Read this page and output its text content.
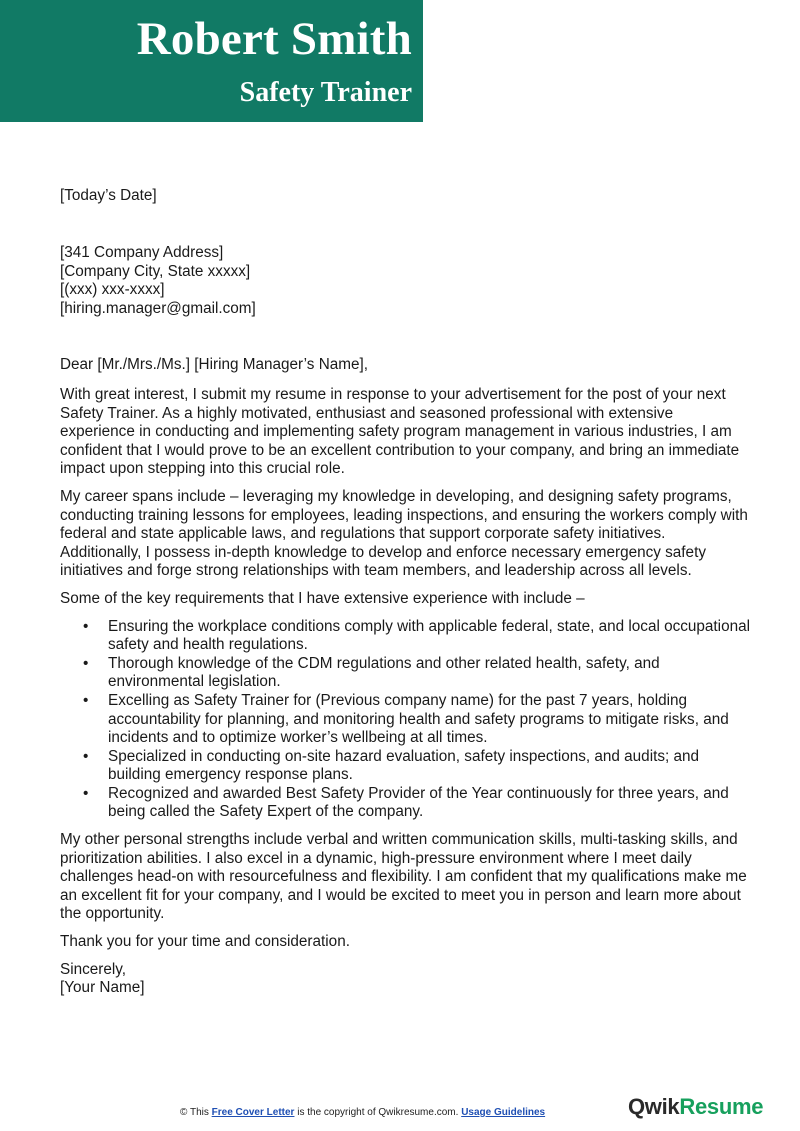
Robert Smith
Safety Trainer
[Today’s Date]
[341 Company Address]
[Company City, State xxxxx]
[(xxx) xxx-xxxx]
[hiring.manager@gmail.com]
Dear [Mr./Mrs./Ms.] [Hiring Manager’s Name],

With great interest, I submit my resume in response to your advertisement for the post of your next Safety Trainer. As a highly motivated, enthusiast and seasoned professional with extensive experience in conducting and implementing safety program management in various industries, I am confident that I would prove to be an excellent contribution to your company, and bring an immediate impact upon stepping into this crucial role.

My career spans include – leveraging my knowledge in developing, and designing safety programs, conducting training lessons for employees, leading inspections, and ensuring the workers comply with federal and state applicable laws, and regulations that support corporate safety initiatives. Additionally, I possess in-depth knowledge to develop and enforce necessary emergency safety initiatives and forge strong relationships with team members, and leadership across all levels.

Some of the key requirements that I have extensive experience with include –

• Ensuring the workplace conditions comply with applicable federal, state, and local occupational safety and health regulations.
• Thorough knowledge of the CDM regulations and other related health, safety, and environmental legislation.
• Excelling as Safety Trainer for (Previous company name) for the past 7 years, holding accountability for planning, and monitoring health and safety programs to mitigate risks, and incidents and to optimize worker’s wellbeing at all times.
• Specialized in conducting on-site hazard evaluation, safety inspections, and audits; and building emergency response plans.
• Recognized and awarded Best Safety Provider of the Year continuously for three years, and being called the Safety Expert of the company.

My other personal strengths include verbal and written communication skills, multi-tasking skills, and prioritization abilities. I also excel in a dynamic, high-pressure environment where I meet daily challenges head-on with resourcefulness and flexibility. I am confident that my qualifications make me an excellent fit for your company, and I would be excited to meet you in person and learn more about the opportunity.

Thank you for your time and consideration.

Sincerely,
[Your Name]
© This Free Cover Letter is the copyright of Qwikresume.com. Usage Guidelines	QwikResume
